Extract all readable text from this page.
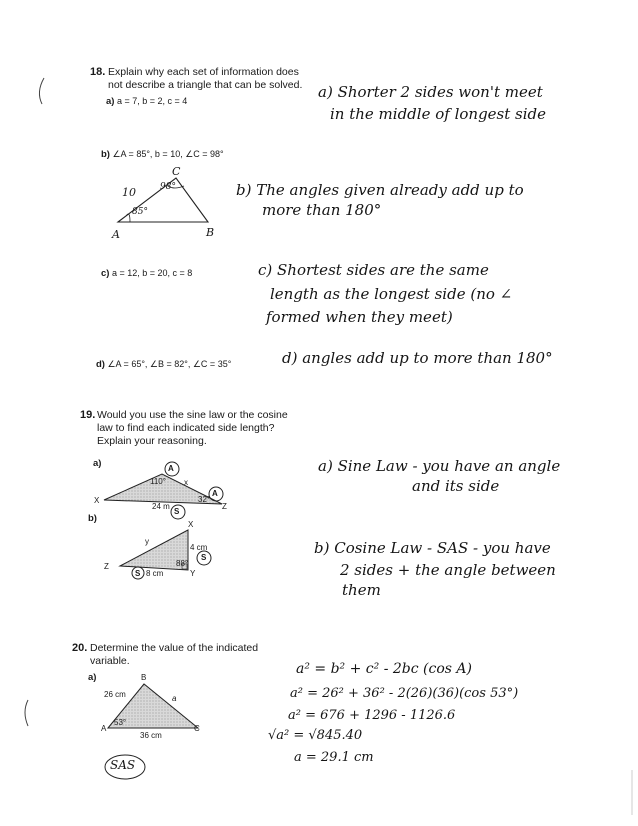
18. Explain why each set of information does
not describe a triangle that can be solved.
a) a = 7, b = 2, c = 4	a) Shorter 2 sides won't meet
in the middle of longest side
b) ∠A = 85°, b = 10, ∠C = 98°
C
10	98°
85°
A	B
b) The angles given already add up to
more than 180°
c) a = 12, b = 20, c = 8	c) Shortest sides are the same
length as the longest side (no ∠
formed when they meet)
d) ∠A = 65°, ∠B = 82°, ∠C = 35°	d) angles add up to more than 180°
19. Would you use the sine law or the cosine
law to find each indicated side length?
Explain your reasoning.
a)	A
A
S
110° x
32°
X
Z
24 m
a) Sine Law - you have an angle
and its side
b)
X
y
4 cm
S
88°
Z
S 8 cm	Y
b) Cosine Law - SAS - you have
2 sides + the angle between
them
20. Determine the value of the indicated
variable.
a)	B
26 cm	a
53°
A	C
36 cm
SAS
a² = b² + c² - 2bc (cos A)
a² = 26² + 36² - 2(26)(36)(cos 53°)
a² = 676 + 1296 - 1126.6
√a² = √845.40
a = 29.1 cm
